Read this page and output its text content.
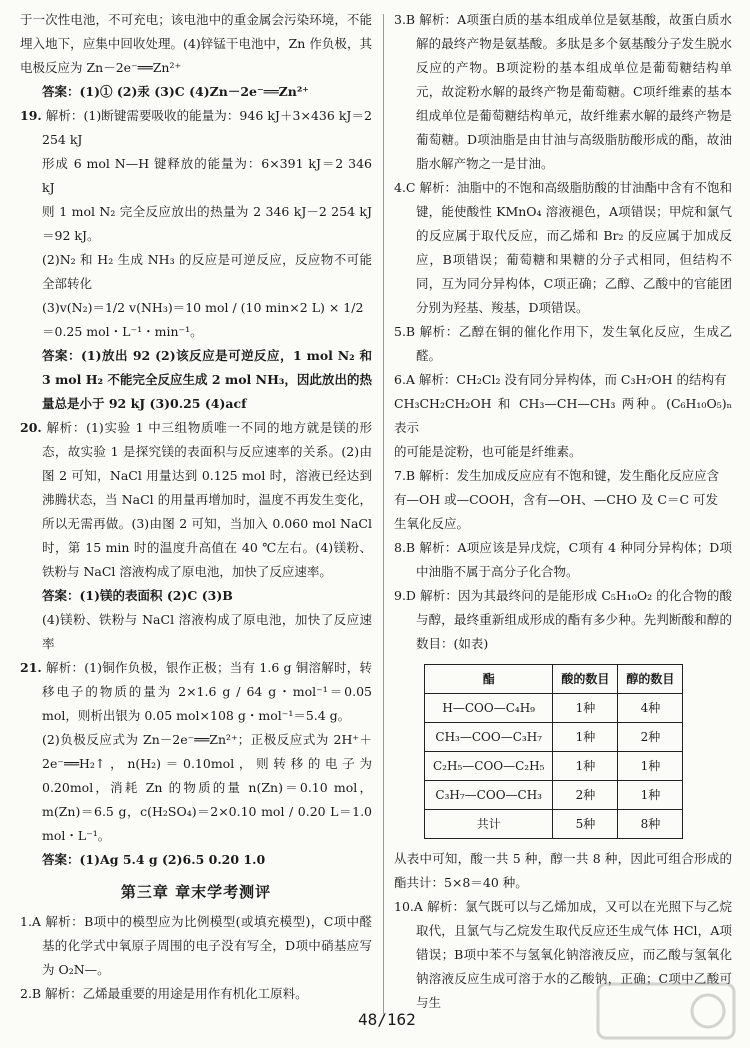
于一次性电池，不可充电；该电池中的重金属会污染环境，不能埋入地下，应集中回收处理。(4)锌锰干电池中，Zn 作负极，其电极反应为 Zn－2e⁻══Zn²⁺

答案：(1)① (2)汞 (3)C (4)Zn－2e⁻══Zn²⁺

19. 解析：(1)断键需要吸收的能量为：946 kJ＋3×436 kJ＝2 254 kJ

形成 6 mol N—H 键释放的能量为：6×391 kJ＝2 346 kJ

则 1 mol N₂ 完全反应放出的热量为 2 346 kJ－2 254 kJ＝92 kJ。

(2)N₂ 和 H₂ 生成 NH₃ 的反应是可逆反应，反应物不可能全部转化

(3)v(N₂)＝1/2 v(NH₃)＝10 mol / (10 min×2 L) × 1/2

＝0.25 mol・L⁻¹・min⁻¹。

答案：(1)放出 92 (2)该反应是可逆反应，1 mol N₂ 和 3 mol H₂ 不能完全反应生成 2 mol NH₃，因此放出的热量总是小于 92 kJ (3)0.25 (4)acf

20. 解析：(1)实验 1 中三组物质唯一不同的地方就是镁的形态，故实验 1 是探究镁的表面积与反应速率的关系。(2)由图 2 可知，NaCl 用量达到 0.125 mol 时，溶液已经达到沸腾状态，当 NaCl 的用量再增加时，温度不再发生变化，所以无需再做。(3)由图 2 可知，当加入 0.060 mol NaCl 时，第 15 min 时的温度升高值在 40 ℃左右。(4)镁粉、铁粉与 NaCl 溶液构成了原电池，加快了反应速率。

答案：(1)镁的表面积 (2)C (3)B

(4)镁粉、铁粉与 NaCl 溶液构成了原电池，加快了反应速率

21. 解析：(1)铜作负极，银作正极；当有 1.6 g 铜溶解时，转移电子的物质的量为 2×1.6 g / 64 g・mol⁻¹＝0.05 mol，则析出银为 0.05 mol×108 g・mol⁻¹＝5.4 g。

(2)负极反应式为 Zn－2e⁻══Zn²⁺；正极反应式为 2H⁺＋2e⁻══H₂↑，n(H₂)＝0.10mol，则转移的电子为 0.20mol，消耗 Zn 的物质的量 n(Zn)＝0.10 mol，m(Zn)＝6.5 g，c(H₂SO₄)＝2×0.10 mol / 0.20 L＝1.0 mol・L⁻¹。

答案：(1)Ag 5.4 g (2)6.5 0.20 1.0

第三章 章末学考测评

1.A 解析：B项中的模型应为比例模型(或填充模型)，C项中醛基的化学式中氧原子周围的电子没有写全，D项中硝基应写为 O₂N—。

2.B 解析：乙烯最重要的用途是用作有机化工原料。

3.B 解析：A项蛋白质的基本组成单位是氨基酸，故蛋白质水解的最终产物是氨基酸。多肽是多个氨基酸分子发生脱水反应的产物。B项淀粉的基本组成单位是葡萄糖结构单元，故淀粉水解的最终产物是葡萄糖。C项纤维素的基本组成单位是葡萄糖结构单元，故纤维素水解的最终产物是葡萄糖。D项油脂是由甘油与高级脂肪酸形成的酯，故油脂水解产物之一是甘油。

4.C 解析：油脂中的不饱和高级脂肪酸的甘油酯中含有不饱和键，能使酸性 KMnO₄ 溶液褪色，A项错误；甲烷和氯气的反应属于取代反应，而乙烯和 Br₂ 的反应属于加成反应，B项错误；葡萄糖和果糖的分子式相同，但结构不同，互为同分异构体，C项正确；乙醇、乙酸中的官能团分别为羟基、羧基，D项错误。

5.B 解析：乙醇在铜的催化作用下，发生氧化反应，生成乙醛。

6.A 解析：CH₂Cl₂ 没有同分异构体，而 C₃H₇OH 的结构有

CH₃CH₂CH₂OH 和 CH₃—CH—CH₃ 两种。(C₆H₁₀O₅)ₙ 表示

的可能是淀粉，也可能是纤维素。

7.B 解析：发生加成反应应有不饱和键，发生酯化反应应含

有—OH 或—COOH，含有—OH、—CHO 及 C＝C 可发

生氧化反应。

8.B 解析：A项应该是异戊烷，C项有 4 种同分异构体；D项中油脂不属于高分子化合物。

9.D 解析：因为其最终问的是能形成 C₅H₁₀O₂ 的化合物的酸与醇，最终重新组成形成的酯有多少种。先判断酸和醇的数目：(如表)

酯	酸的数目	醇的数目
H—COO—C₄H₉	1种	4种
CH₃—COO—C₃H₇	1种	2种
C₂H₅—COO—C₂H₅	1种	1种
C₃H₇—COO—CH₃	2种	1种
共计	5种	8种

从表中可知，酸一共 5 种，醇一共 8 种，因此可组合形成的酯共计：5×8＝40 种。

10.A 解析：氯气既可以与乙烯加成，又可以在光照下与乙烷取代，且氯气与乙烷发生取代反应还生成气体 HCl，A项错误；B项中苯不与氢氧化钠溶液反应，而乙酸与氢氧化钠溶液反应生成可溶于水的乙酸钠，正确；C项中乙酸可与生

48/162
